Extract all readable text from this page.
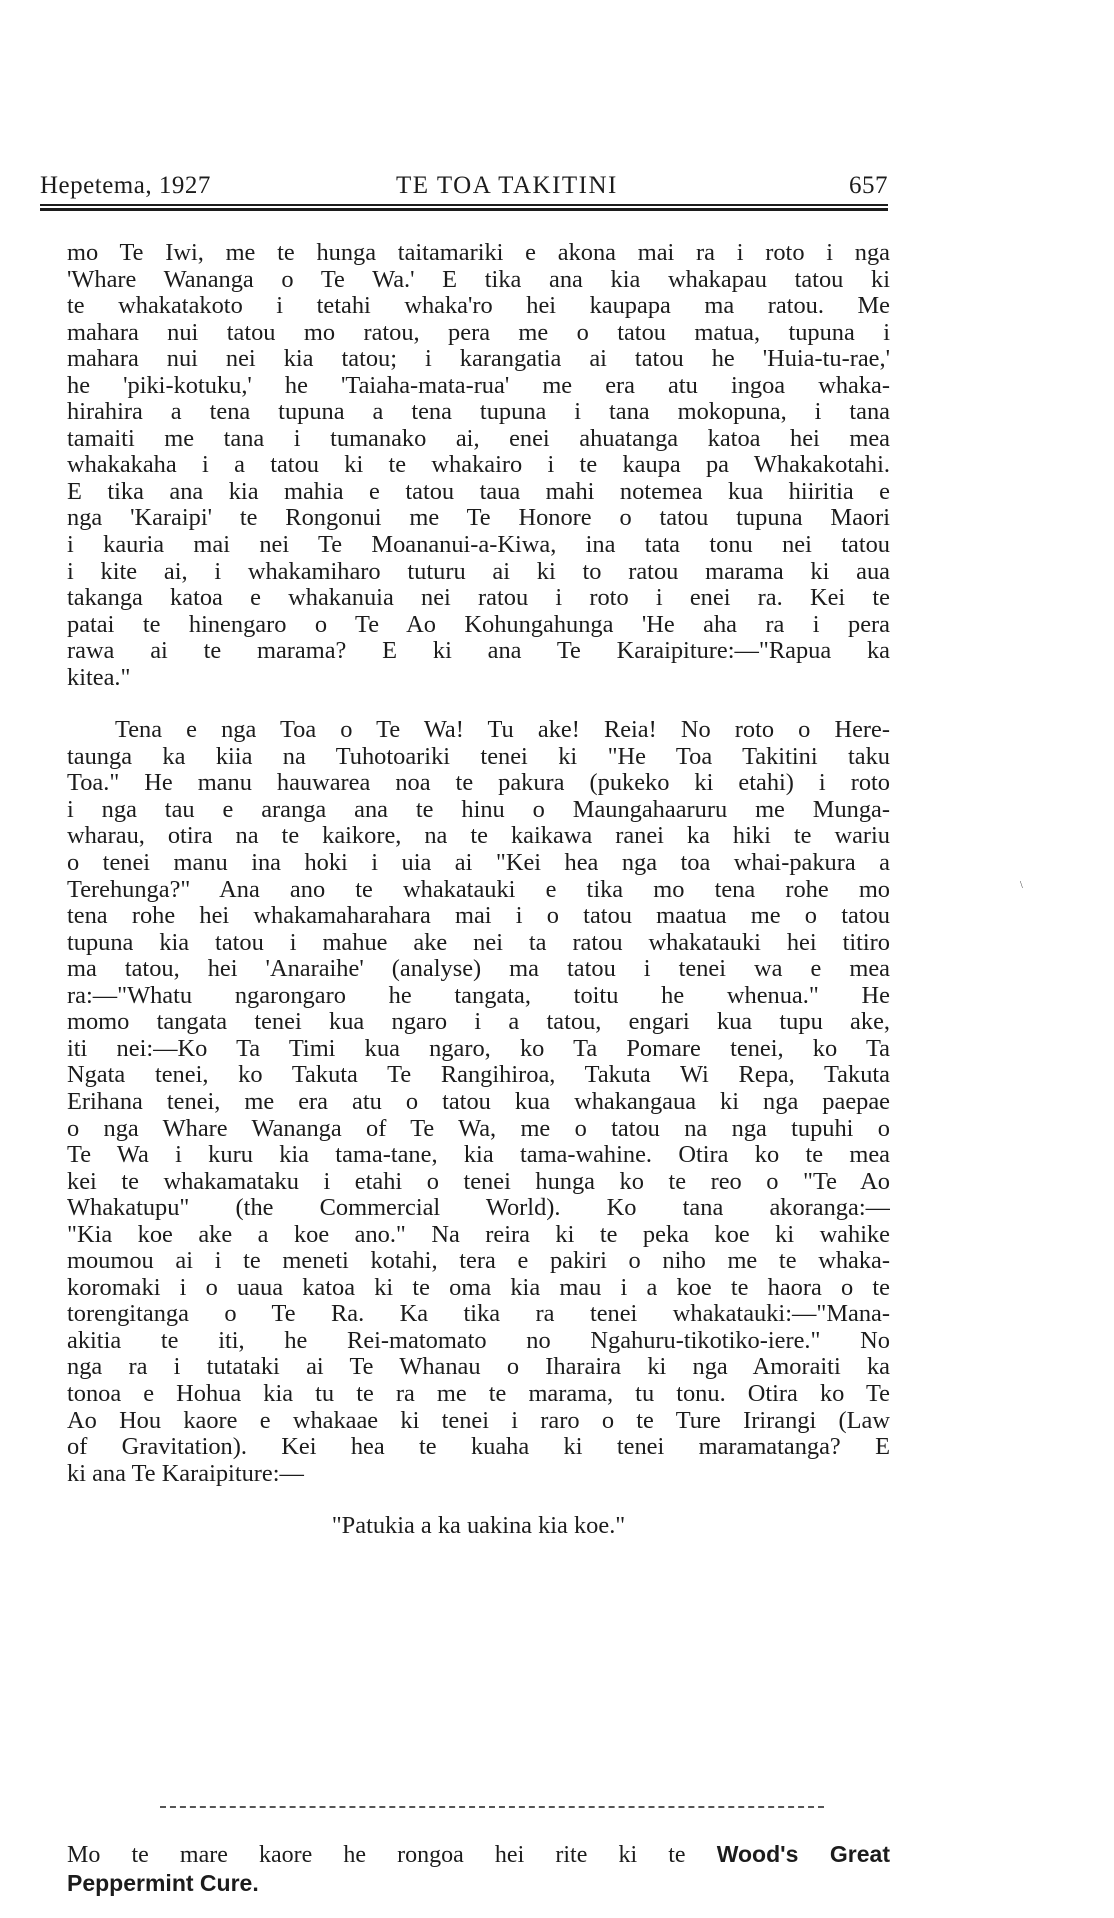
Hepetema, 1927	TE TOA TAKITINI	657
mo Te Iwi, me te hunga taitamariki e akona mai ra i roto i nga
'Whare Wananga o Te Wa.' E tika ana kia whakapau tatou ki
te whakatakoto i tetahi whaka'ro hei kaupapa ma ratou. Me
mahara nui tatou mo ratou, pera me o tatou matua, tupuna i
mahara nui nei kia tatou; i karangatia ai tatou he 'Huia-tu-rae,'
he 'piki-kotuku,' he 'Taiaha-mata-rua' me era atu ingoa whaka-
hirahira a tena tupuna a tena tupuna i tana mokopuna, i tana
tamaiti me tana i tumanako ai, enei ahuatanga katoa hei mea
whakakaha i a tatou ki te whakairo i te kaupa pa Whakakotahi.
E tika ana kia mahia e tatou taua mahi notemea kua hiiritia e
nga 'Karaipi' te Rongonui me Te Honore o tatou tupuna Maori
i kauria mai nei Te Moananui-a-Kiwa, ina tata tonu nei tatou
i kite ai, i whakamiharo tuturu ai ki to ratou marama ki aua
takanga katoa e whakanuia nei ratou i roto i enei ra. Kei te
patai te hinengaro o Te Ao Kohungahunga 'He aha ra i pera
rawa ai te marama? E ki ana Te Karaipiture:—"Rapua ka
kitea."
Tena e nga Toa o Te Wa! Tu ake! Reia! No roto o Here-
taunga ka kiia na Tuhotoariki tenei ki "He Toa Takitini taku
Toa." He manu hauwarea noa te pakura (pukeko ki etahi) i roto
i nga tau e aranga ana te hinu o Maungahaaruru me Munga-
wharau, otira na te kaikore, na te kaikawa ranei ka hiki te wariu
o tenei manu ina hoki i uia ai "Kei hea nga toa whai-pakura a
Terehunga?" Ana ano te whakatauki e tika mo tena rohe mo
tena rohe hei whakamaharahara mai i o tatou maatua me o tatou
tupuna kia tatou i mahue ake nei ta ratou whakatauki hei titiro
ma tatou, hei 'Anaraihe' (analyse) ma tatou i tenei wa e mea
ra:—"Whatu ngarongaro he tangata, toitu he whenua." He
momo tangata tenei kua ngaro i a tatou, engari kua tupu ake,
iti nei:—Ko Ta Timi kua ngaro, ko Ta Pomare tenei, ko Ta
Ngata tenei, ko Takuta Te Rangihiroa, Takuta Wi Repa, Takuta
Erihana tenei, me era atu o tatou kua whakangaua ki nga paepae
o nga Whare Wananga of Te Wa, me o tatou na nga tupuhi o
Te Wa i kuru kia tama-tane, kia tama-wahine. Otira ko te mea
kei te whakamataku i etahi o tenei hunga ko te reo o "Te Ao
Whakatupu" (the Commercial World). Ko tana akoranga:—
"Kia koe ake a koe ano." Na reira ki te peka koe ki wahike
moumou ai i te meneti kotahi, tera e pakiri o niho me te whaka-
koromaki i o uaua katoa ki te oma kia mau i a koe te haora o te
torengitanga o Te Ra. Ka tika ra tenei whakatauki:—"Mana-
akitia te iti, he Rei-matomato no Ngahuru-tikotiko-iere." No
nga ra i tutataki ai Te Whanau o Iharaira ki nga Amoraiti ka
tonoa e Hohua kia tu te ra me te marama, tu tonu. Otira ko Te
Ao Hou kaore e whakaae ki tenei i raro o te Ture Irirangi (Law
of Gravitation). Kei hea te kuaha ki tenei maramatanga? E
ki ana Te Karaipiture:—
"Patukia a ka uakina kia koe."
Mo te mare kaore he rongoa hei rite ki te Wood's Great
Peppermint Cure.
\
